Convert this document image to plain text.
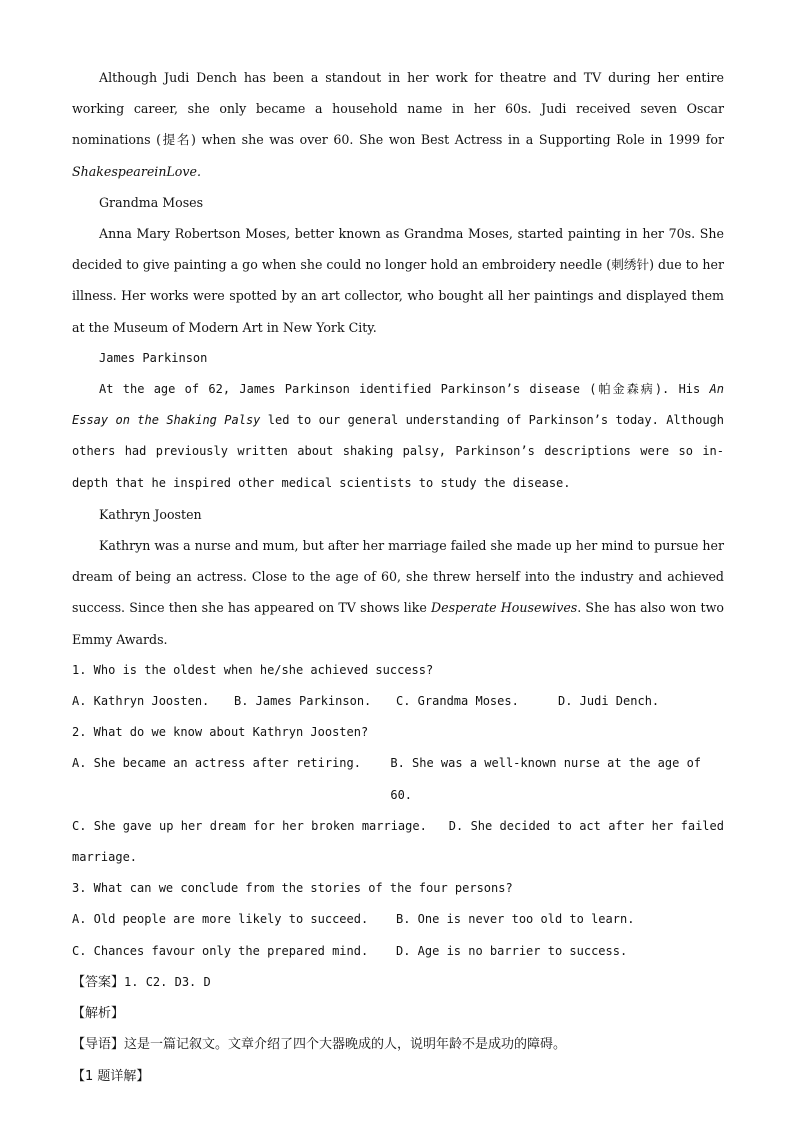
Although Judi Dench has been a standout in her work for theatre and TV during her entire working career, she only became a household name in her 60s. Judi received seven Oscar nominations (提名) when she was over 60. She won Best Actress in a Supporting Role in 1999 for ShakespeareinLove.

Grandma Moses

Anna Mary Robertson Moses, better known as Grandma Moses, started painting in her 70s. She decided to give painting a go when she could no longer hold an embroidery needle (刺绣针) due to her illness. Her works were spotted by an art collector, who bought all her paintings and displayed them at the Museum of Modern Art in New York City.

James Parkinson

At the age of 62, James Parkinson identified Parkinson’s disease (帕金森病). His An Essay on the Shaking Palsy led to our general understanding of Parkinson’s today. Although others had previously written about shaking palsy, Parkinson’s descriptions were so in-depth that he inspired other medical scientists to study the disease.

Kathryn Joosten

Kathryn was a nurse and mum, but after her marriage failed she made up her mind to pursue her dream of being an actress. Close to the age of 60, she threw herself into the industry and achieved success. Since then she has appeared on TV shows like Desperate Housewives. She has also won two Emmy Awards.

1. Who is the oldest when he/she achieved success?

A. Kathryn Joosten.	B. James Parkinson.	C. Grandma Moses.	D. Judi Dench.

2. What do we know about Kathryn Joosten?

A. She became an actress after retiring.	B. She was a well-known nurse at the age of 60.

C. She gave up her dream for her broken marriage. D. She decided to act after her failed marriage.

3. What can we conclude from the stories of the four persons?

A. Old people are more likely to succeed.	B. One is never too old to learn.
C. Chances favour only the prepared mind.	D. Age is no barrier to success.

【答案】1. C2. D3. D

【解析】

【导语】这是一篇记叙文。文章介绍了四个大器晚成的人，说明年龄不是成功的障碍。

【1 题详解】
